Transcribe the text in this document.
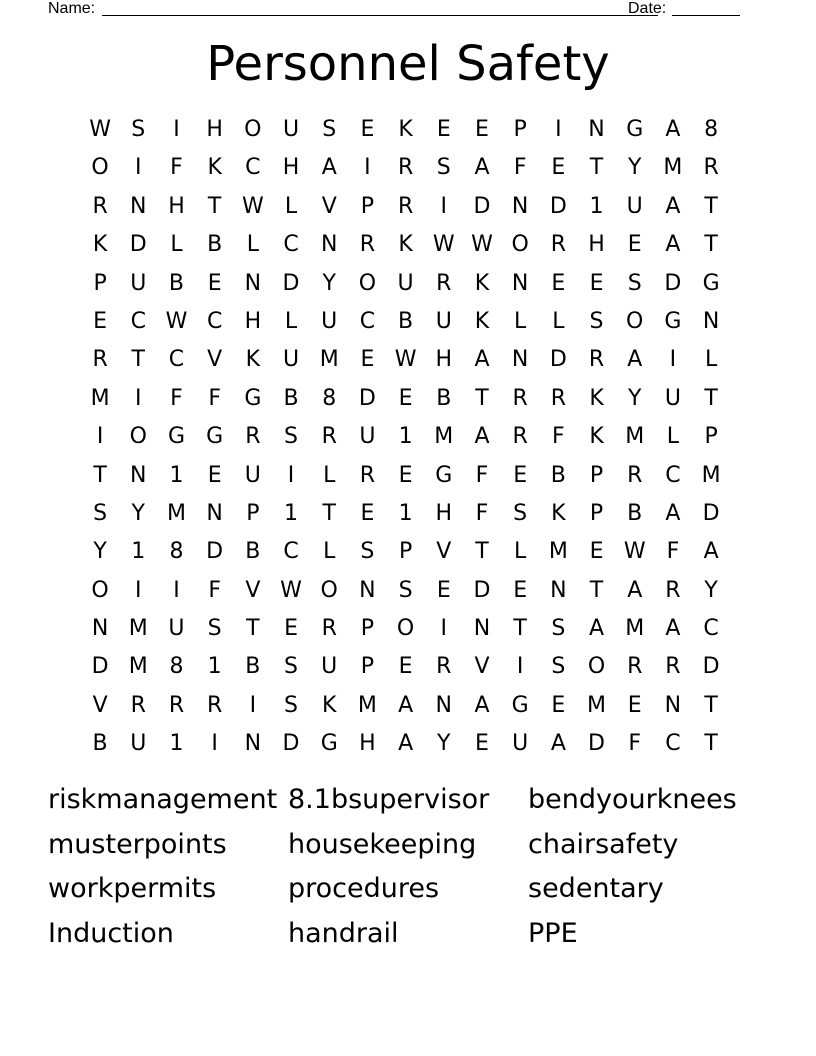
Name:	Date:
Personnel Safety
W S	I	H O U	S	E	K	E	E	P	I	N G	A	8
O	I	F	K	C	H	A	I	R	S	A	F	E	T	Y M R
R	N H	T W L	V	P	R	I	D N D	1	U	A	T
K	D	L	B	L	C	N	R	K W W O R	H	E	A	T
P	U	B	E	N D	Y	O U	R	K	N	E	E	S	D G
E	C W C	H	L	U	C	B	U	K	L	L	S	O G N
R	T	C	V	K	U M E W H	A	N D	R	A	I	L
M	I	F	F	G	B	8	D	E	B	T	R	R	K	Y	U	T
I	O G G	R	S	R	U	1 M A	R	F	K M	L	P
T	N	1	E	U	I	L	R	E	G	F	E	B	P	R	C M
S	Y M N	P	1	T	E	1	H	F	S	K	P	B	A	D
Y	1	8	D	B	C	L	S	P	V	T	L	M E W F	A
O	I	I	F	V W O N	S	E	D	E	N	T	A	R	Y
N M U	S	T	E	R	P	O	I	N	T	S	A M A	C
D M 8	1	B	S	U	P	E	R	V	I	S	O R	R	D
V	R	R	R	I	S	K M A	N	A	G	E M E	N	T
B	U	1	I	N D G H	A	Y	E	U	A	D	F	C	T
riskmanagement 8.1bsupervisor	bendyourknees
musterpoints	housekeeping	chairsafety
workpermits	procedures	sedentary
Induction	handrail	PPE
